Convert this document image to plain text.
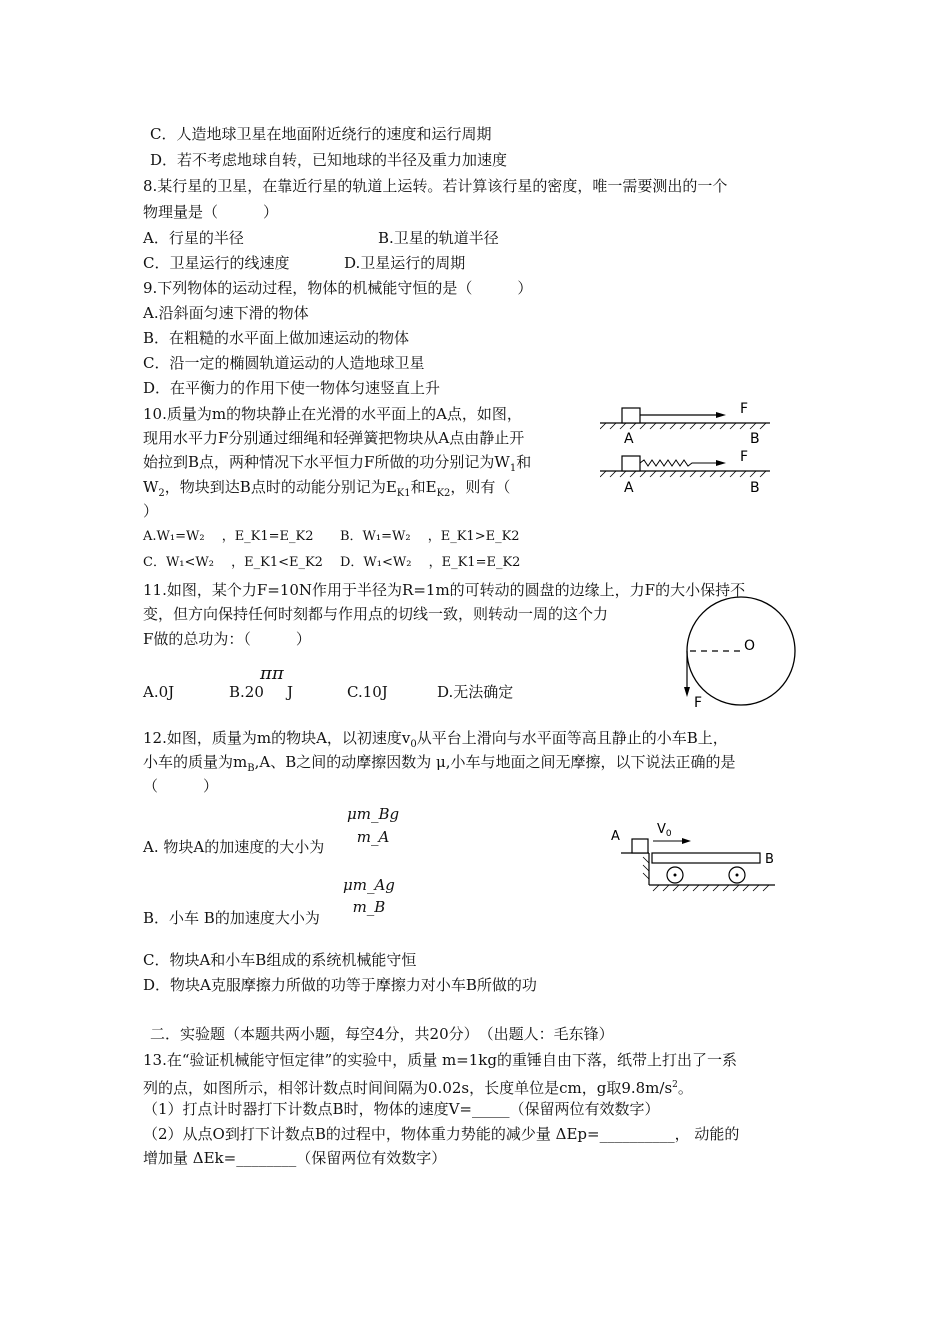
C．人造地球卫星在地面附近绕行的速度和运行周期
D．若不考虑地球自转，已知地球的半径及重力加速度
8.某行星的卫星，在靠近行星的轨道上运转。若计算该行星的密度，唯一需要测出的一个
物理量是（　　　）
A．行星的半径	B.卫星的轨道半径
C．卫星运行的线速度	D.卫星运行的周期
9.下列物体的运动过程，物体的机械能守恒的是（　　　）
A.沿斜面匀速下滑的物体
B．在粗糙的水平面上做加速运动的物体
C．沿一定的椭圆轨道运动的人造地球卫星
D．在平衡力的作用下使一物体匀速竖直上升
10.质量为m的物块静止在光滑的水平面上的A点，如图，
现用水平力F分别通过细绳和轻弹簧把物块从A点由静止开
始拉到B点，两种情况下水平恒力F所做的功分别记为$W_1$和
$W_2$，物块到达B点时的动能分别记为$E_{K1}$和$E_{K2}$，则有（
）
A.W₁=W₂　 ，E_K1=E_K2 B．W₁=W₂　 ，E_K1>E_K2
C．W₁<W₂　 ，E_K1<E_K2 D．W₁<W₂　 ，E_K1=E_K2
F
A	B
F
A	B
11.如图，某个力F=10N作用于半径为R=1m的可转动的圆盘的边缘上，力F的大小保持不
变，但方向保持任何时刻都与作用点的切线一致，则转动一周的这个力
F做的总功为：（　　　）
ππ
A.0J	B.20 J	C.10J	D.无法确定
O
F
12.如图，质量为m的物块A，以初速度$v_0$从平台上滑向与水平面等高且静止的小车B上，
小车的质量为$m_B,A$、B之间的动摩擦因数为 μ,小车与地面之间无摩擦，以下说法正确的是
（　　　）
A. 物块A的加速度的大小为
μm_Bg
m_A
B．小车 B的加速度大小为
μm_Ag
m_B
C．物块A和小车B组成的系统机械能守恒
D．物块A克服摩擦力所做的功等于摩擦力对小车B所做的功
A	$V_0$
B
二．实验题（本题共两小题，每空4分，共20分）　（出题人：毛东锋）
13.在“验证机械能守恒定律”的实验中，质量 m=1kg的重锤自由下落，纸带上打出了一系
列的点，如图所示，相邻计数点时间间隔为0.02s，长度单位是cm，g取$9.8m/s^2$。
（1）打点计时器打下计数点B时，物体的速度V=_____（保留两位有效数字）
（2）从点O到打下计数点B的过程中，物体重力势能的减少量 ΔEp=__________， 动能的
增加量 ΔEk=________（保留两位有效数字）
